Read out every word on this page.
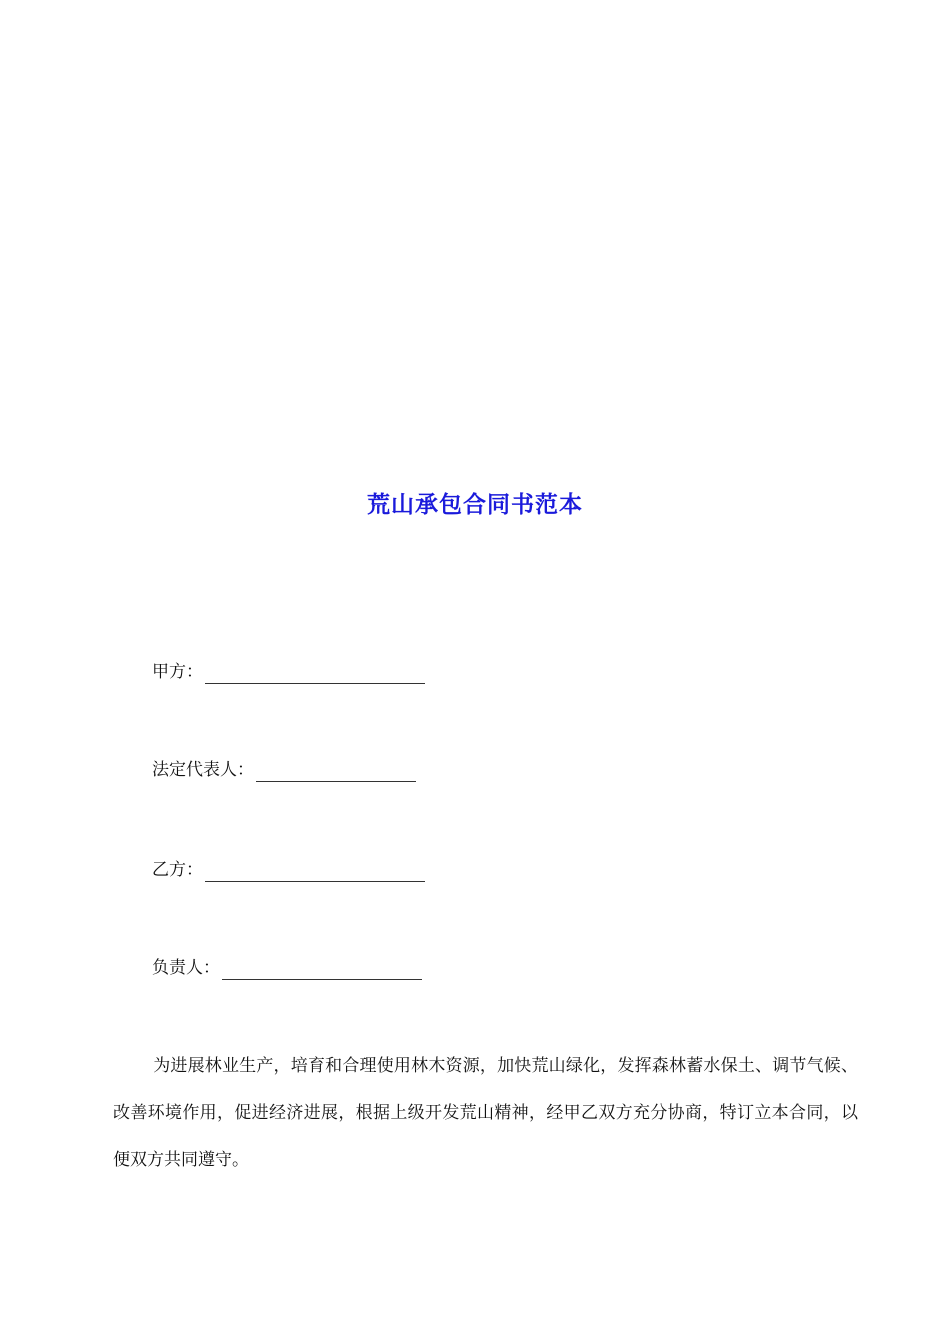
荒山承包合同书范本
甲方：
法定代表人：
乙方：
负责人：

为进展林业生产，培育和合理使用林木资源，加快荒山绿化，发挥森林蓄水保土、调节气候、改善环境作用，促进经济进展，根据上级开发荒山精神，经甲乙双方充分协商，特订立本合同，以便双方共同遵守。
